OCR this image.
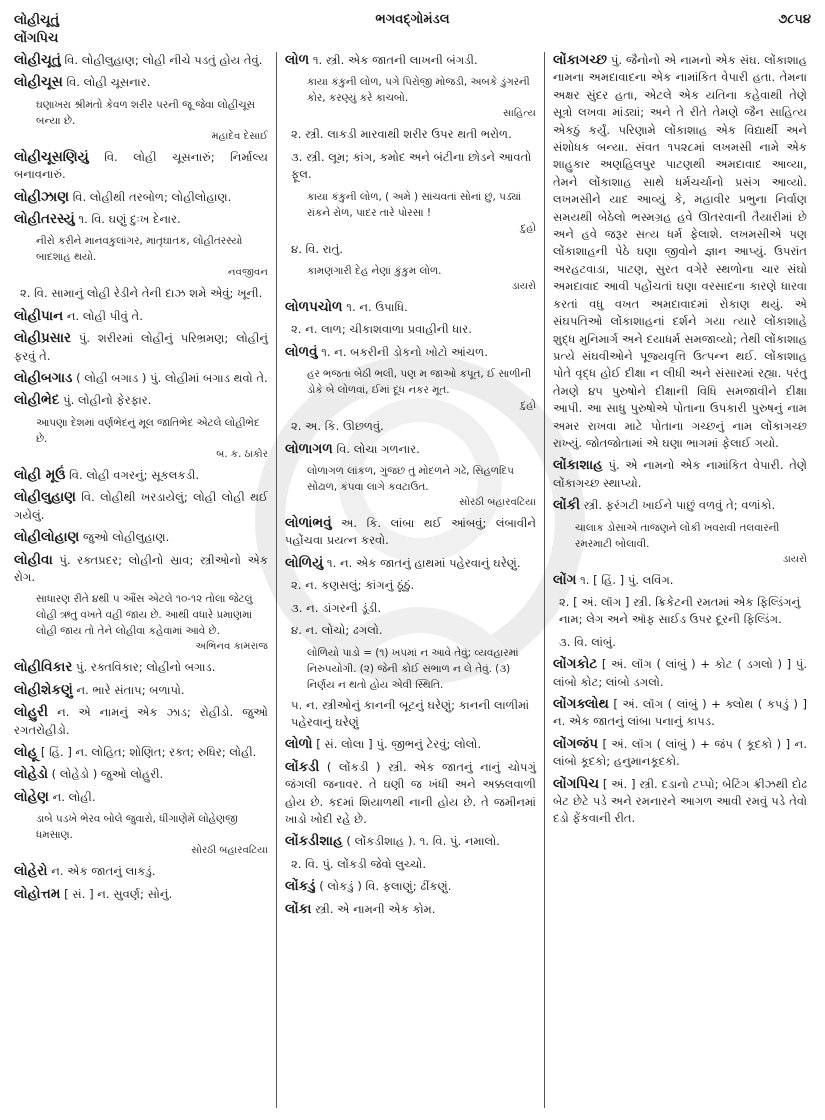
લોહીચૂતું
લોંગપિચ
ભગવદ્ગોમંડલ	૭૮૫૪
લોહીચૂતું વિ. લોહીલુહાણ; લોહી નીચે પડતું હોય તેવું.
લોહીચૂસ વિ. લોહી ચૂસનાર.
ઘણાખરા શ્રીમંતો કેવળ શરીર પરની જૂ જેવા લોહીચૂસ બન્યા છે.
મહાદેવ દેસાઈ
લોહીચૂસણિયું વિ. લોહી ચૂસનારું; નિર્માલ્ય બનાવનારું.
લોહીઝાણ વિ. લોહીથી તરબોળ; લોહીલોહાણ.
લોહીતરસ્યું ૧. વિ. ઘણું દુઃખ દેનાર.
નીરો કરીને માનવકુલાંગર, માતૃઘાતક, લોહીતરસ્યો બાદશાહ થયો.
નવજીવન
૨. વિ. સામાનું લોહી રેડીને તેની દાઝ શમે એવું; ખૂની.
લોહીપાન ન. લોહી પીવું તે.
લોહીપ્રસાર પું. શરીરમાં લોહીનું પરિભ્રમણ; લોહીનું ફરવું તે.
લોહીબગાડ ( લોહી બગાડ ) પું. લોહીમાં બગાડ થવો તે.
લોહીભેદ પું. લોહીનો ફેરફાર.
આપણા દેશમાં વર્ણભેદનું મૂલ જાતિભેદ એટલે લોહીભેદ છે.
બ. ક. ઠાકોર
લોહી મૂઉં વિ. લોહી વગરનું; સૂકલકડી.
લોહીલુહાણ વિ. લોહીથી ખરડાયેલું; લોહી લોહી થઈ ગયેલું.
લોહીલોહાણ જુઓ લોહીલુહાણ.
લોહીવા પું. રક્તપ્રદર; લોહીનો સ્રાવ; સ્ત્રીઓનો એક રોગ.
સાધારણ રીતે ૪થી ૫ ઔંસ એટલે ૧૦-૧૨ તોલા જેટલું લોહી ઋતુ વખતે વહી જાય છે. આથી વધારે પ્રમાણમાં લોહી જાય તો તેને લોહીવા કહેવામાં આવે છે.
અભિનવ કામરાજ
લોહીવિકાર પું. રક્તવિકાર; લોહીનો બગાડ.
લોહીશેકણું ન. ભારે સંતાપ; બળાપો.
લોહુરી ન. એ નામનું એક ઝાડ; રોહીડો. જુઓ રગતરોહીડો.
લોહૂ [ હિં. ] ન. લોહિત; શોણિત; રક્ત; રુધિર; લોહી.
લોહેડો ( લોહેડો ) જુઓ લોહુરી.
લોહેણ ન. લોહી.
ડાબે પડખે ભેરવ બોલે જુવારો, ધીંગાણેમેં લોહેણજી ધમસાણ.
સોરઠી બહારવટિયા
લોહેરો ન. એક જાતનું લાકડું.
લોહોત્તમ [ સં. ] ન. સુવર્ણ; સોનું.
લોળ ૧. સ્ત્રી. એક જાતની લાખની બંગડી.
કાયા કંકુની લોળ, પગે પિરોજી મોજડી, અબકે ડુંગરની કોર, કરણ્યું કરે કાચબો.
સાહિત્ય
૨. સ્ત્રી. લાકડી મારવાથી શરીર ઉપર થતી ભરોળ.
૩. સ્ત્રી. લૂમ; કાંગ, કમોદ અને બંટીના છોડને આવતો ફૂલ.
કાયા કંકુની લોળ, ( અમે ) સાંચવતાં સોનાં છું, પડ્યાં રાંકને રોળ, પાદર તારે પોરસા !
દુહો
૪. વિ. રાતું.
કામણગારી દેહ નેણાં કુંકુમ લોળ.
ડાયરો
લોળપચોળ ૧. ન. ઉપાધિ.
૨. ન. લાળ; ચીકાશવાળા પ્રવાહીની ધાર.
લોળવું ૧. ન. બકરીની ડોકનો ખોટો આંચળ.
હર ભજતાં બેઠી ભલી, પણ મ જાઓ કપૂત, ઈ સાળીની ડોકે બે લોળવાં, ઈમાં દૂધ નકર મૂત.
દુહો
૨. અ. કિ. ઊછળવું.
લોળાગળ વિ. લોચા ગળનાર.
લોળાગળ લાંકળ, ગુંજછ તું મોદળને ગઢે, સિહળદિપ સોંઢાળ, કંપવા લાગે કવટાઉત.
સોરઠી બહારવટિયા
લોળાંભવું અ. કિ. લાંબા થઈ આંબવું; લંબાવીને પહોંચવા પ્રયત્ન કરવો.
લોળિયું ૧. ન. એક જાતનું હાથમાં પહેરવાનું ઘરેણું.
૨. ન. કણસલું; કાંગનું ઠૂંઠું.
૩. ન. ડાંગરની ડૂંડી.
૪. ન. લોચો; ઢગલો.
લોળિયો પાડો = (૧) ખપમાં ન આવે તેવું; વ્યવહારમાં નિરુપયોગી. (૨) જેની કોઈ સંભાળ ન લે તેવું. (૩) નિર્ણય ન થતો હોય એવી સ્થિતિ.
૫. ન. સ્ત્રીઓનું કાનની બૂટનું ઘરેણું; કાનની લાળીમાં પહેરવાનું ઘરેણું
લોળો [ સં. લોલા ] પું. જીભનું ટેરવું; લોલો.
લોંકડી ( લોંકડી ) સ્ત્રી. એક જાતનું નાનું ચોપગું જંગલી જનાવર. તે ઘણી જ ખંધી અને અક્કલવાળી હોય છે. કદમાં શિયાળથી નાની હોય છે. તે જમીનમાં ખાડો ખોદી રહે છે.
લોંકડીશાહ ( લોંકડીશાહ ). ૧. વિ. પું. નમાલો.
૨. વિ. પું. લોંકડી જેવો લુચ્ચો.
લોંકડું ( લોકડું ) વિ. ફલાણું; ઢીંકણું.
લોંકા સ્ત્રી. એ નામની એક કોમ.
લોંકાગચ્છ પું. જૈનોનો એ નામનો એક સંઘ. લોંકાશાહ નામના અમદાવાદના એક નામાંકિત વેપારી હતા. તેમના અક્ષર સુંદર હતા, એટલે એક યતિના કહેવાથી તેણે સૂત્રો લખવા માંડ્યાં; અને તે રીતે તેમણે જૈન સાહિત્ય એકઠું કર્યું. પરિણામે લોંકાશાહ એક વિદ્યાર્થી અને સંશોધક બન્યા. સંવત ૧૫૨૮માં લખમસી નામે એક શાહુકાર અણહિલપુર પાટણથી અમદાવાદ આવ્યા, તેમને લોંકાશાહ સાથે ધર્મચર્ચાનો પ્રસંગ આવ્યો. લખમસીને યાદ આવ્યું કે, મહાવીર પ્રભુના નિર્વાણ સમયથી બેઠેલો ભસ્મગ્રહ હવે ઊતરવાની તૈયારીમાં છે અને હવે જરૂર સત્ય ધર્મ ફેલાશે. લખમસીએ પણ લોંકાશાહની પેઠે ઘણા જીવોને જ્ઞાન આપ્યું. ઉપરાંત અરહટવાડા, પાટણ, સુરત વગેરે સ્થળોના ચાર સંઘો અમદાવાદ આવી પહોંચતાં ઘણા વરસાદના કારણે ધારવા કરતાં વધુ વખત અમદાવાદમાં રોકાણ થયું. એ સંઘપતિઓ લોંકાશાહનાં દર્શને ગયા ત્યારે લોંકાશાહે શુદ્ધ મુનિમાર્ગ અને દયાધર્મ સમજાવ્યો; તેથી લોંકાશાહ પ્રત્યે સંઘવીઓને પૂજ્યવૃત્તિ ઉત્પન્ન થઈ. લોંકાશાહ પોતે વૃદ્ધ હોઈ દીક્ષા ન લીધી અને સંસારમાં રહ્યા. પરંતુ તેમણે ૪૫ પુરુષોને દીક્ષાની વિધિ સમજાવીને દીક્ષા આપી. આ સાધુ પુરુષોએ પોતાના ઉપકારી પુરુષનું નામ અમર રાખવા માટે પોતાના ગચ્છનું નામ લોંકાગચ્છ રાખ્યું. જોતજોતામાં એ ઘણા ભાગમાં ફેલાઈ ગયો.
લોંકાશાહ પું. એ નામનો એક નામાંકિત વેપારી. તેણે લોંકાગચ્છ સ્થાપ્યો.
લોંકી સ્ત્રી. ફરંગટી ખાઈને પાછું વળવું તે; વળાંકો.
ચાલાક ડોસાએ તાજણને લોંકી ખવરાવી તલવારની રમરમાટી બોલાવી.
ડાયરો
લોંગ ૧. [ હિં. ] પું. લવિંગ.
૨. [ અં. લૉંગ ] સ્ત્રી. ક્રિકેટની રમતમાં એક ફિલ્ડિંગનું નામ; લેગ અને ઑફ સાઈડ ઉપર દૂરની ફિલ્ડિંગ.
૩. વિ. લાંબું.
લોંગકોટ [ અં. લૉંગ ( લાંબું ) + કોટ ( ડગલો ) ] પું. લાંબો કોટ; લાંબો ડગલો.
લોંગક્લોથ [ અં. લૉંગ ( લાંબું ) + ક્લોથ ( કપડું ) ] ન. એક જાતનું લાંબા પનાનું કાપડ.
લોંગજંપ [ અં. લૉંગ ( લાંબું ) + જંપ ( કૂદકો ) ] ન. લાંબો કૂદકો; હનુમાનકૂદકો.
લોંગપિચ [ અં. ] સ્ત્રી. દડાનો ટપ્પો; બેટિંગ ક્રીઝથી દોઢ બેટ છેટે પડે અને રમનારને આગળ આવી રમવું પડે તેવો દડો ફેંકવાની રીત.
